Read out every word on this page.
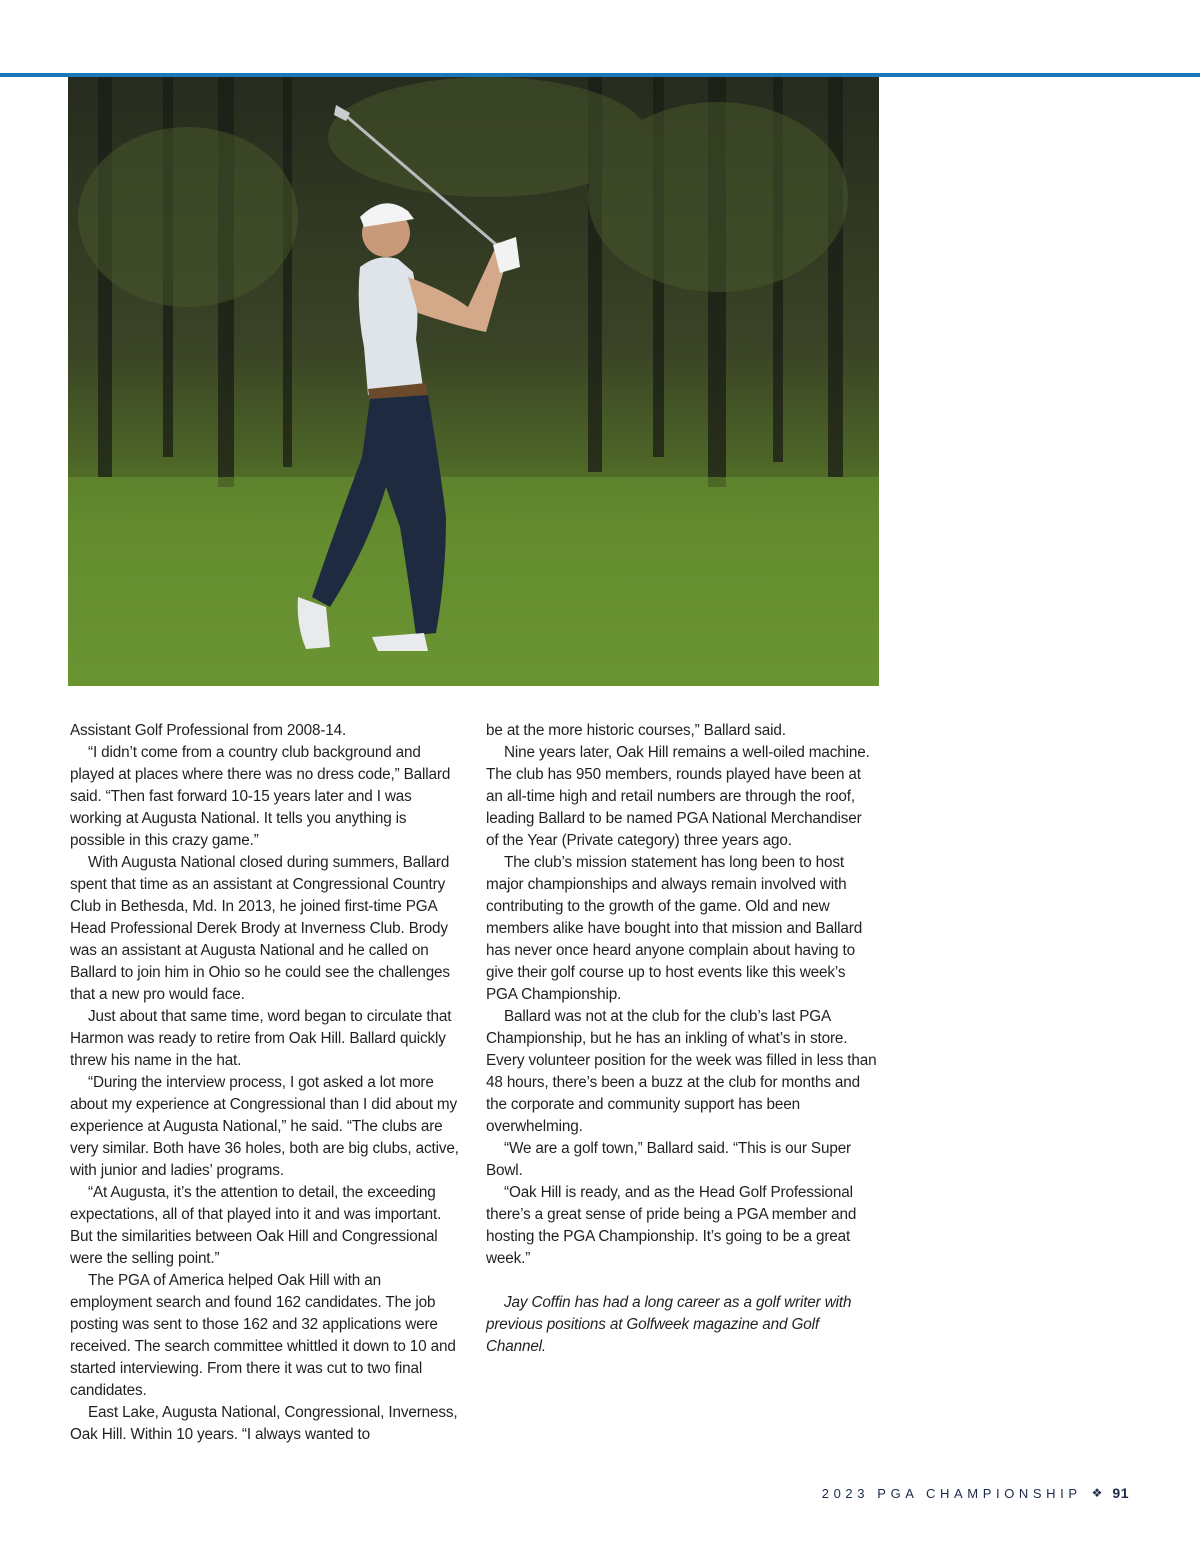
Assistant Golf Professional from 2008-14.

“I didn’t come from a country club background and played at places where there was no dress code,” Ballard said. “Then fast forward 10-15 years later and I was working at Augusta National. It tells you anything is possible in this crazy game.”

With Augusta National closed during summers, Ballard spent that time as an assistant at Congressional Country Club in Bethesda, Md. In 2013, he joined first-time PGA Head Professional Derek Brody at Inverness Club. Brody was an assistant at Augusta National and he called on Ballard to join him in Ohio so he could see the challenges that a new pro would face.

Just about that same time, word began to circulate that Harmon was ready to retire from Oak Hill. Ballard quickly threw his name in the hat.

“During the interview process, I got asked a lot more about my experience at Congressional than I did about my experience at Augusta National,” he said. “The clubs are very similar. Both have 36 holes, both are big clubs, active, with junior and ladies’ programs.

“At Augusta, it’s the attention to detail, the exceeding expectations, all of that played into it and was important. But the similarities between Oak Hill and Congressional were the selling point.”

The PGA of America helped Oak Hill with an employment search and found 162 candidates. The job posting was sent to those 162 and 32 applications were received. The search committee whittled it down to 10 and started interviewing. From there it was cut to two final candidates.

East Lake, Augusta National, Congressional, Inverness, Oak Hill. Within 10 years. “I always wanted to

be at the more historic courses,” Ballard said.

Nine years later, Oak Hill remains a well-oiled machine. The club has 950 members, rounds played have been at an all-time high and retail numbers are through the roof, leading Ballard to be named PGA National Merchandiser of the Year (Private category) three years ago.

The club’s mission statement has long been to host major championships and always remain involved with contributing to the growth of the game. Old and new members alike have bought into that mission and Ballard has never once heard anyone complain about having to give their golf course up to host events like this week’s PGA Championship.

Ballard was not at the club for the club’s last PGA Championship, but he has an inkling of what’s in store. Every volunteer position for the week was filled in less than 48 hours, there’s been a buzz at the club for months and the corporate and community support has been overwhelming.

“We are a golf town,” Ballard said. “This is our Super Bowl.

“Oak Hill is ready, and as the Head Golf Professional there’s a great sense of pride being a PGA member and hosting the PGA Championship. It’s going to be a great week.”

Jay Coffin has had a long career as a golf writer with previous positions at Golfweek magazine and Golf Channel.

2023 PGA CHAMPIONSHIP ❖ 91
